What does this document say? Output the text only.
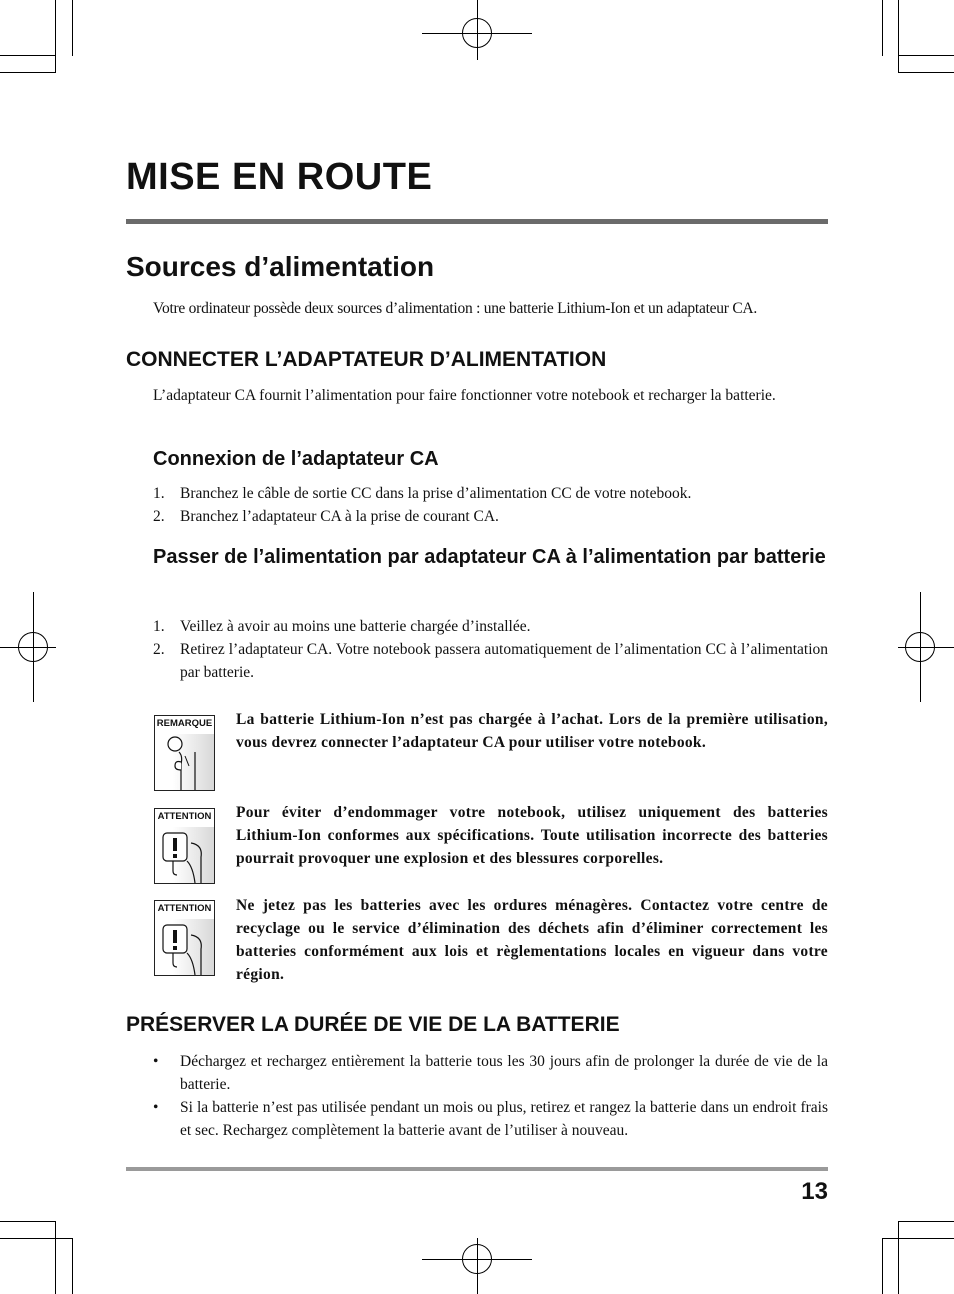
MISE EN ROUTE
Sources d’alimentation

Votre ordinateur possède deux sources d’alimentation : une batterie Lithium-Ion et un adaptateur CA.

CONNECTER L’ADAPTATEUR D’ALIMENTATION

L’adaptateur CA fournit l’alimentation pour faire fonctionner votre notebook et recharger la batterie.

Connexion de l’adaptateur CA
1. Branchez le câble de sortie CC dans la prise d’alimentation CC de votre notebook.
2. Branchez l’adaptateur CA à la prise de courant CA.
Passer de l’alimentation par adaptateur CA à l’alimentation par batterie
1. Veillez à avoir au moins une batterie chargée d’installée.
2. Retirez l’adaptateur CA. Votre notebook passera automatiquement de l’alimentation CC à l’alimentation par batterie.
REMARQUE La batterie Lithium-Ion n’est pas chargée à l’achat. Lors de la première utilisation, vous devrez connecter l’adaptateur CA pour utiliser votre notebook.

ATTENTION Pour éviter d’endommager votre notebook, utilisez uniquement des batteries Lithium-Ion conformes aux spécifications. Toute utilisation incorrecte des batteries pourrait provoquer une explosion et des blessures corporelles.

ATTENTION Ne jetez pas les batteries avec les ordures ménagères. Contactez votre centre de recyclage ou le service d’élimination des déchets afin d’éliminer correctement les batteries conformément aux lois et règlementations locales en vigueur dans votre région.

PRÉSERVER LA DURÉE DE VIE DE LA BATTERIE
• Déchargez et rechargez entièrement la batterie tous les 30 jours afin de prolonger la durée de vie de la batterie.
• Si la batterie n’est pas utilisée pendant un mois ou plus, retirez et rangez la batterie dans un endroit frais et sec. Rechargez complètement la batterie avant de l’utiliser à nouveau.

13
